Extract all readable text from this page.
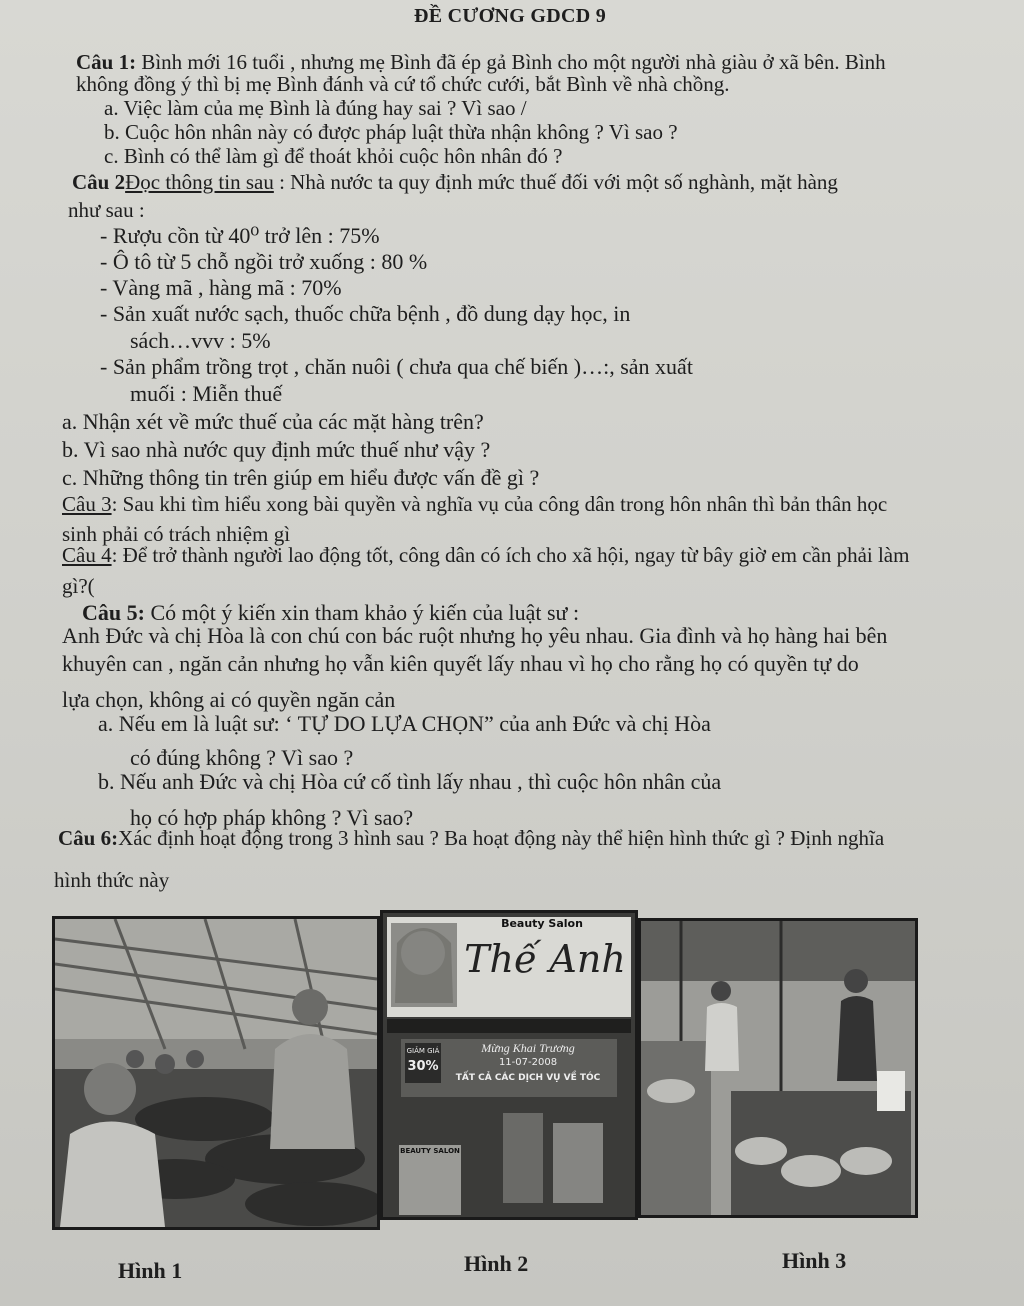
ĐỀ CƯƠNG GDCD 9
Câu 1: Bình mới 16 tuổi , nhưng mẹ Bình đã ép gả Bình cho một người nhà giàu ở xã bên. Bình
không đồng ý thì bị mẹ Bình đánh và cứ tổ chức cưới, bắt Bình về nhà chồng.
a. Việc làm của mẹ Bình là đúng hay sai ? Vì sao /
b. Cuộc hôn nhân này có được pháp luật thừa nhận không ? Vì sao ?
c. Bình có thể làm gì để thoát khỏi cuộc hôn nhân đó ?
Câu 2Đọc thông tin sau : Nhà nước ta quy định mức thuế đối với một số nghành, mặt hàng
như sau :
- Rượu cồn từ 40⁰ trở lên : 75%
- Ô tô từ 5 chỗ ngồi trở xuống : 80 %
- Vàng mã , hàng mã : 70%
- Sản xuất nước sạch, thuốc chữa bệnh , đồ dung dạy học, in
sách…vvv : 5%
- Sản phẩm trồng trọt , chăn nuôi ( chưa qua chế biến )…:, sản xuất
muối : Miễn thuế
a. Nhận xét về mức thuế của các mặt hàng trên?
b. Vì sao nhà nước quy định mức thuế như vậy ?
c. Những thông tin trên giúp em hiểu được vấn đề gì ?
Câu 3: Sau khi tìm hiểu xong bài quyền và nghĩa vụ của công dân trong hôn nhân thì bản thân học
sinh phải có trách nhiệm gì
Câu 4: Để trở thành người lao động tốt, công dân có ích cho xã hội, ngay từ bây giờ em cần phải làm
gì?(
Câu 5: Có một ý kiến xin tham khảo ý kiến của luật sư :
Anh Đức và chị Hòa là con chú con bác ruột nhưng họ yêu nhau. Gia đình và họ hàng hai bên
khuyên can , ngăn cản nhưng họ vẫn kiên quyết lấy nhau vì họ cho rằng họ có quyền tự do
lựa chọn, không ai có quyền ngăn cản
a. Nếu em là luật sư: ‘ TỰ DO LỰA CHỌN” của anh Đức và chị Hòa
có đúng không ? Vì sao ?
b. Nếu anh Đức và chị Hòa cứ cố tình lấy nhau , thì cuộc hôn nhân của
họ có hợp pháp không ? Vì sao?
Câu 6:Xác định hoạt động trong 3 hình sau ? Ba hoạt động này thể hiện hình thức gì ? Định nghĩa
hình thức này
Beauty Salon
Thế Anh
Mừng Khai Trương
11-07-2008
GIẢM GIÁ
30%
TẤT CẢ CÁC DỊCH VỤ VỀ TÓC
BEAUTY SALON
Hình 1	Hình 2	Hình 3
